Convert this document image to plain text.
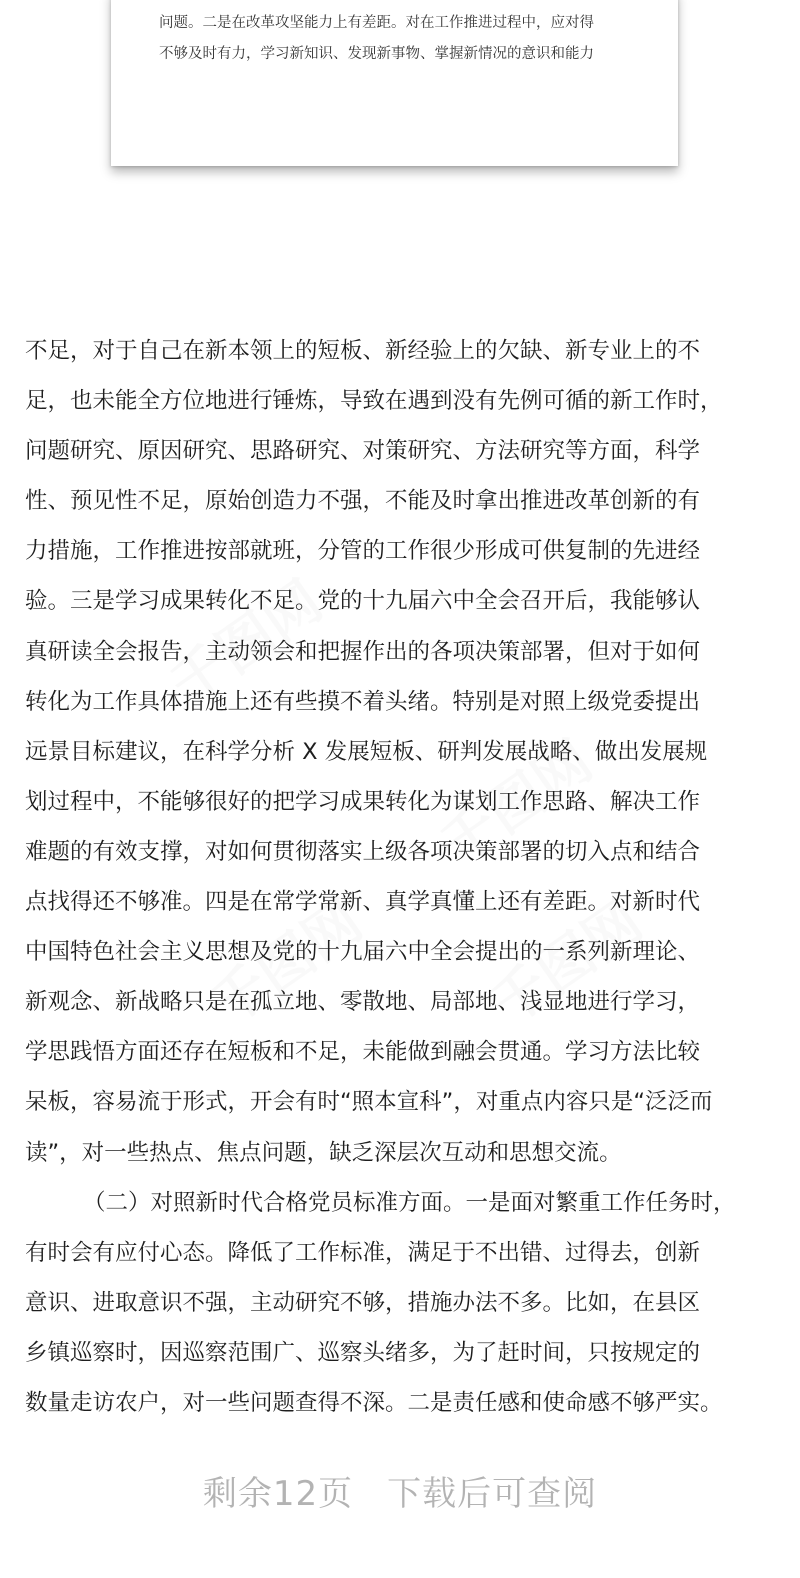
问题。二是在改革攻坚能力上有差距。对在工作推进过程中，应对得
不够及时有力，学习新知识、发现新事物、掌握新情况的意识和能力
千图网
千图网
千图网 千图网
不足，对于自己在新本领上的短板、新经验上的欠缺、新专业上的不
足，也未能全方位地进行锤炼，导致在遇到没有先例可循的新工作时，
问题研究、原因研究、思路研究、对策研究、方法研究等方面，科学
性、预见性不足，原始创造力不强，不能及时拿出推进改革创新的有
力措施，工作推进按部就班，分管的工作很少形成可供复制的先进经
验。三是学习成果转化不足。党的十九届六中全会召开后，我能够认
真研读全会报告，主动领会和把握作出的各项决策部署，但对于如何
转化为工作具体措施上还有些摸不着头绪。特别是对照上级党委提出
远景目标建议，在科学分析 X 发展短板、研判发展战略、做出发展规
划过程中，不能够很好的把学习成果转化为谋划工作思路、解决工作
难题的有效支撑，对如何贯彻落实上级各项决策部署的切入点和结合
点找得还不够准。四是在常学常新、真学真懂上还有差距。对新时代
中国特色社会主义思想及党的十九届六中全会提出的一系列新理论、
新观念、新战略只是在孤立地、零散地、局部地、浅显地进行学习，
学思践悟方面还存在短板和不足，未能做到融会贯通。学习方法比较
呆板，容易流于形式，开会有时“照本宣科”，对重点内容只是“泛泛而
读”，对一些热点、焦点问题，缺乏深层次互动和思想交流。
（二）对照新时代合格党员标准方面。一是面对繁重工作任务时，
有时会有应付心态。降低了工作标准，满足于不出错、过得去，创新
意识、进取意识不强，主动研究不够，措施办法不多。比如，在县区
乡镇巡察时，因巡察范围广、巡察头绪多，为了赶时间，只按规定的
数量走访农户，对一些问题查得不深。二是责任感和使命感不够严实。
剩余12页 下载后可查阅
